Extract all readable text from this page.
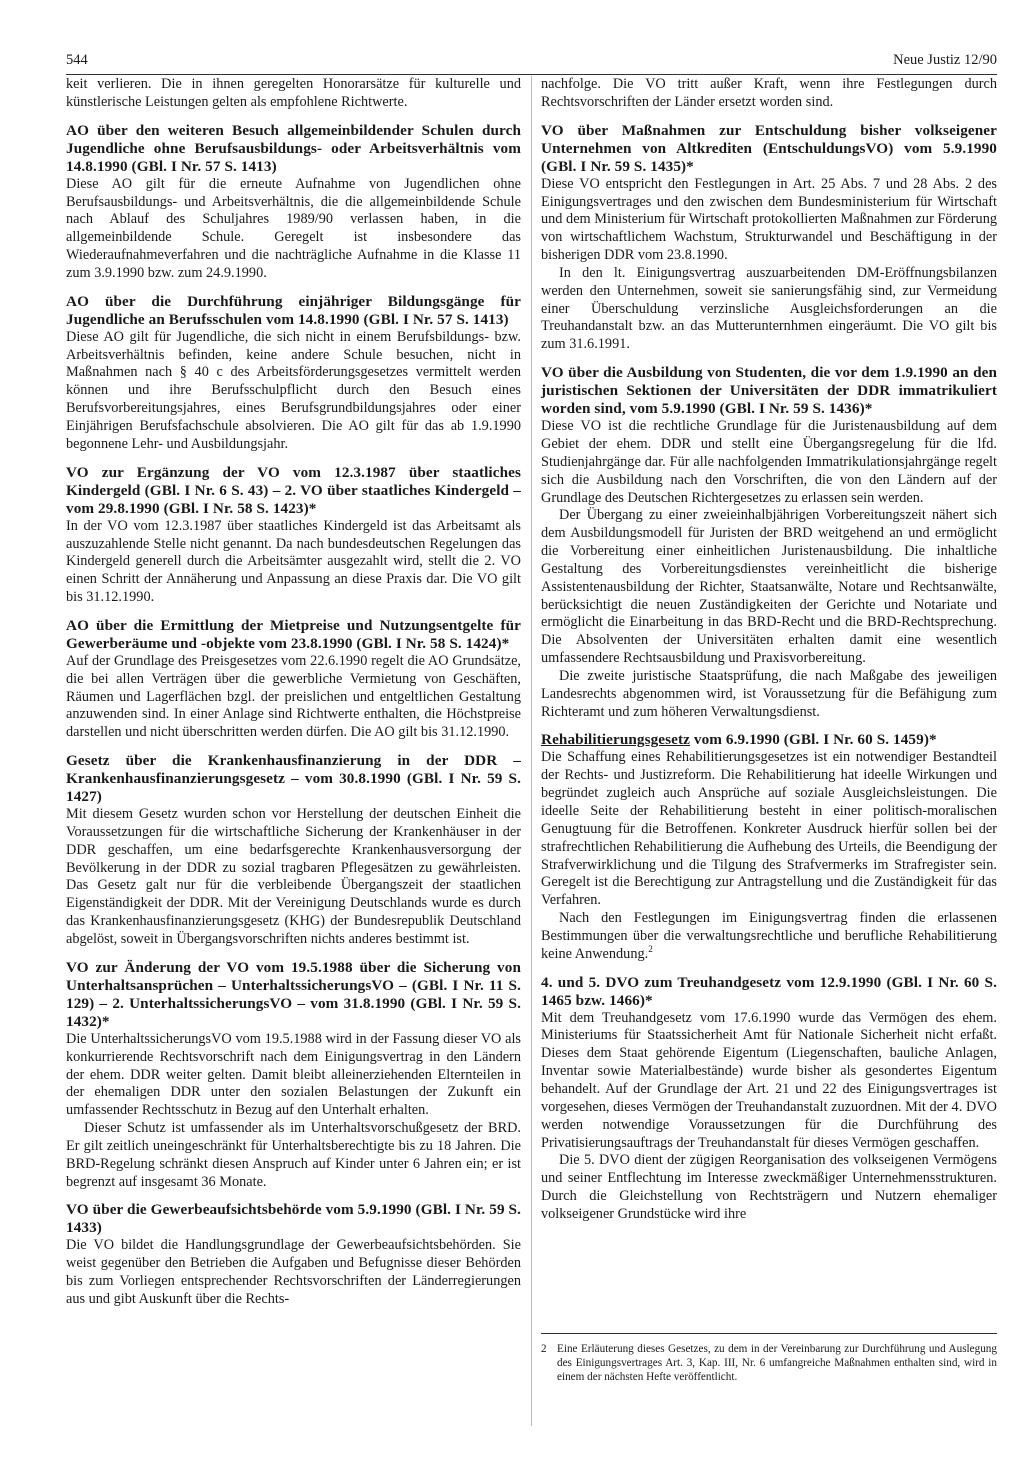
544	Neue Justiz 12/90

keit verlieren. Die in ihnen geregelten Honorarsätze für kulturelle und künstlerische Leistungen gelten als empfohlene Richtwerte.

AO über den weiteren Besuch allgemeinbildender Schulen durch Jugendliche ohne Berufsausbildungs- oder Arbeitsverhältnis vom 14.8.1990 (GBl. I Nr. 57 S. 1413)

Diese AO gilt für die erneute Aufnahme von Jugendlichen ohne Berufsausbildungs- und Arbeitsverhältnis, die die allgemeinbildende Schule nach Ablauf des Schuljahres 1989/90 verlassen haben, in die allgemeinbildende Schule. Geregelt ist insbesondere das Wiederaufnahmeverfahren und die nachträgliche Aufnahme in die Klasse 11 zum 3.9.1990 bzw. zum 24.9.1990.

AO über die Durchführung einjähriger Bildungsgänge für Jugendliche an Berufsschulen vom 14.8.1990 (GBl. I Nr. 57 S. 1413)

Diese AO gilt für Jugendliche, die sich nicht in einem Berufsbildungs- bzw. Arbeitsverhältnis befinden, keine andere Schule besuchen, nicht in Maßnahmen nach § 40 c des Arbeitsförderungsgesetzes vermittelt werden können und ihre Berufsschulpflicht durch den Besuch eines Berufsvorbereitungsjahres, eines Berufsgrundbildungsjahres oder einer Einjährigen Berufsfachschule absolvieren. Die AO gilt für das ab 1.9.1990 begonnene Lehr- und Ausbildungsjahr.

VO zur Ergänzung der VO vom 12.3.1987 über staatliches Kindergeld (GBl. I Nr. 6 S. 43) – 2. VO über staatliches Kindergeld – vom 29.8.1990 (GBl. I Nr. 58 S. 1423)*

In der VO vom 12.3.1987 über staatliches Kindergeld ist das Arbeitsamt als auszuzahlende Stelle nicht genannt. Da nach bundesdeutschen Regelungen das Kindergeld generell durch die Arbeitsämter ausgezahlt wird, stellt die 2. VO einen Schritt der Annäherung und Anpassung an diese Praxis dar. Die VO gilt bis 31.12.1990.

AO über die Ermittlung der Mietpreise und Nutzungsentgelte für Gewerberäume und -objekte vom 23.8.1990 (GBl. I Nr. 58 S. 1424)*

Auf der Grundlage des Preisgesetzes vom 22.6.1990 regelt die AO Grundsätze, die bei allen Verträgen über die gewerbliche Vermietung von Geschäften, Räumen und Lagerflächen bzgl. der preislichen und entgeltlichen Gestaltung anzuwenden sind. In einer Anlage sind Richtwerte enthalten, die Höchstpreise darstellen und nicht überschritten werden dürfen. Die AO gilt bis 31.12.1990.

Gesetz über die Krankenhausfinanzierung in der DDR – Krankenhausfinanzierungsgesetz – vom 30.8.1990 (GBl. I Nr. 59 S. 1427)

Mit diesem Gesetz wurden schon vor Herstellung der deutschen Einheit die Voraussetzungen für die wirtschaftliche Sicherung der Krankenhäuser in der DDR geschaffen, um eine bedarfsgerechte Krankenhausversorgung der Bevölkerung in der DDR zu sozial tragbaren Pflegesätzen zu gewährleisten. Das Gesetz galt nur für die verbleibende Übergangszeit der staatlichen Eigenständigkeit der DDR. Mit der Vereinigung Deutschlands wurde es durch das Krankenhausfinanzierungsgesetz (KHG) der Bundesrepublik Deutschland abgelöst, soweit in Übergangsvorschriften nichts anderes bestimmt ist.

VO zur Änderung der VO vom 19.5.1988 über die Sicherung von Unterhaltsansprüchen – UnterhaltssicherungsVO – (GBl. I Nr. 11 S. 129) – 2. UnterhaltssicherungsVO – vom 31.8.1990 (GBl. I Nr. 59 S. 1432)*

Die UnterhaltssicherungsVO vom 19.5.1988 wird in der Fassung dieser VO als konkurrierende Rechtsvorschrift nach dem Einigungsvertrag in den Ländern der ehem. DDR weiter gelten. Damit bleibt alleinerziehenden Elternteilen in der ehemaligen DDR unter den sozialen Belastungen der Zukunft ein umfassender Rechtsschutz in Bezug auf den Unterhalt erhalten.

Dieser Schutz ist umfassender als im Unterhaltsvorschußgesetz der BRD. Er gilt zeitlich uneingeschränkt für Unterhaltsberechtigte bis zu 18 Jahren. Die BRD-Regelung schränkt diesen Anspruch auf Kinder unter 6 Jahren ein; er ist begrenzt auf insgesamt 36 Monate.

VO über die Gewerbeaufsichtsbehörde vom 5.9.1990 (GBl. I Nr. 59 S. 1433)

Die VO bildet die Handlungsgrundlage der Gewerbeaufsichtsbehörden. Sie weist gegenüber den Betrieben die Aufgaben und Befugnisse dieser Behörden bis zum Vorliegen entsprechender Rechtsvorschriften der Länderregierungen aus und gibt Auskunft über die Rechts-

nachfolge. Die VO tritt außer Kraft, wenn ihre Festlegungen durch Rechtsvorschriften der Länder ersetzt worden sind.

VO über Maßnahmen zur Entschuldung bisher volkseigener Unternehmen von Altkrediten (EntschuldungsVO) vom 5.9.1990 (GBl. I Nr. 59 S. 1435)*

Diese VO entspricht den Festlegungen in Art. 25 Abs. 7 und 28 Abs. 2 des Einigungsvertrages und den zwischen dem Bundesministerium für Wirtschaft und dem Ministerium für Wirtschaft protokollierten Maßnahmen zur Förderung von wirtschaftlichem Wachstum, Strukturwandel und Beschäftigung in der bisherigen DDR vom 23.8.1990.

In den lt. Einigungsvertrag auszuarbeitenden DM-Eröffnungsbilanzen werden den Unternehmen, soweit sie sanierungsfähig sind, zur Vermeidung einer Überschuldung verzinsliche Ausgleichsforderungen an die Treuhandanstalt bzw. an das Mutterunternhmen eingeräumt. Die VO gilt bis zum 31.6.1991.

VO über die Ausbildung von Studenten, die vor dem 1.9.1990 an den juristischen Sektionen der Universitäten der DDR immatrikuliert worden sind, vom 5.9.1990 (GBl. I Nr. 59 S. 1436)*

Diese VO ist die rechtliche Grundlage für die Juristenausbildung auf dem Gebiet der ehem. DDR und stellt eine Übergangsregelung für die lfd. Studienjahrgänge dar. Für alle nachfolgenden Immatrikulationsjahrgänge regelt sich die Ausbildung nach den Vorschriften, die von den Ländern auf der Grundlage des Deutschen Richtergesetzes zu erlassen sein werden.

Der Übergang zu einer zweieinhalbjährigen Vorbereitungszeit nähert sich dem Ausbildungsmodell für Juristen der BRD weitgehend an und ermöglicht die Vorbereitung einer einheitlichen Juristenausbildung. Die inhaltliche Gestaltung des Vorbereitungsdienstes vereinheitlicht die bisherige Assistentenausbildung der Richter, Staatsanwälte, Notare und Rechtsanwälte, berücksichtigt die neuen Zuständigkeiten der Gerichte und Notariate und ermöglicht die Einarbeitung in das BRD-Recht und die BRD-Rechtsprechung. Die Absolventen der Universitäten erhalten damit eine wesentlich umfassendere Rechtsausbildung und Praxisvorbereitung.

Die zweite juristische Staatsprüfung, die nach Maßgabe des jeweiligen Landesrechts abgenommen wird, ist Voraussetzung für die Befähigung zum Richteramt und zum höheren Verwaltungsdienst.

Rehabilitierungsgesetz vom 6.9.1990 (GBl. I Nr. 60 S. 1459)*

Die Schaffung eines Rehabilitierungsgesetzes ist ein notwendiger Bestandteil der Rechts- und Justizreform. Die Rehabilitierung hat ideelle Wirkungen und begründet zugleich auch Ansprüche auf soziale Ausgleichsleistungen. Die ideelle Seite der Rehabilitierung besteht in einer politisch-moralischen Genugtuung für die Betroffenen. Konkreter Ausdruck hierfür sollen bei der strafrechtlichen Rehabilitierung die Aufhebung des Urteils, die Beendigung der Strafverwirklichung und die Tilgung des Strafvermerks im Strafregister sein. Geregelt ist die Berechtigung zur Antragstellung und die Zuständigkeit für das Verfahren.

Nach den Festlegungen im Einigungsvertrag finden die erlassenen Bestimmungen über die verwaltungsrechtliche und berufliche Rehabilitierung keine Anwendung.$^2$

4. und 5. DVO zum Treuhandgesetz vom 12.9.1990 (GBl. I Nr. 60 S. 1465 bzw. 1466)*

Mit dem Treuhandgesetz vom 17.6.1990 wurde das Vermögen des ehem. Ministeriums für Staatssicherheit Amt für Nationale Sicherheit nicht erfaßt. Dieses dem Staat gehörende Eigentum (Liegenschaften, bauliche Anlagen, Inventar sowie Materialbestände) wurde bisher als gesondertes Eigentum behandelt. Auf der Grundlage der Art. 21 und 22 des Einigungsvertrages ist vorgesehen, dieses Vermögen der Treuhandanstalt zuzuordnen. Mit der 4. DVO werden notwendige Voraussetzungen für die Durchführung des Privatisierungsauftrags der Treuhandanstalt für dieses Vermögen geschaffen.

Die 5. DVO dient der zügigen Reorganisation des volkseigenen Vermögens und seiner Entflechtung im Interesse zweckmäßiger Unternehmensstrukturen. Durch die Gleichstellung von Rechtsträgern und Nutzern ehemaliger volkseigener Grundstücke wird ihre

2 Eine Erläuterung dieses Gesetzes, zu dem in der Vereinbarung zur Durchführung und Auslegung des Einigungsvertrages Art. 3, Kap. III, Nr. 6 umfangreiche Maßnahmen enthalten sind, wird in einem der nächsten Hefte veröffentlicht.
